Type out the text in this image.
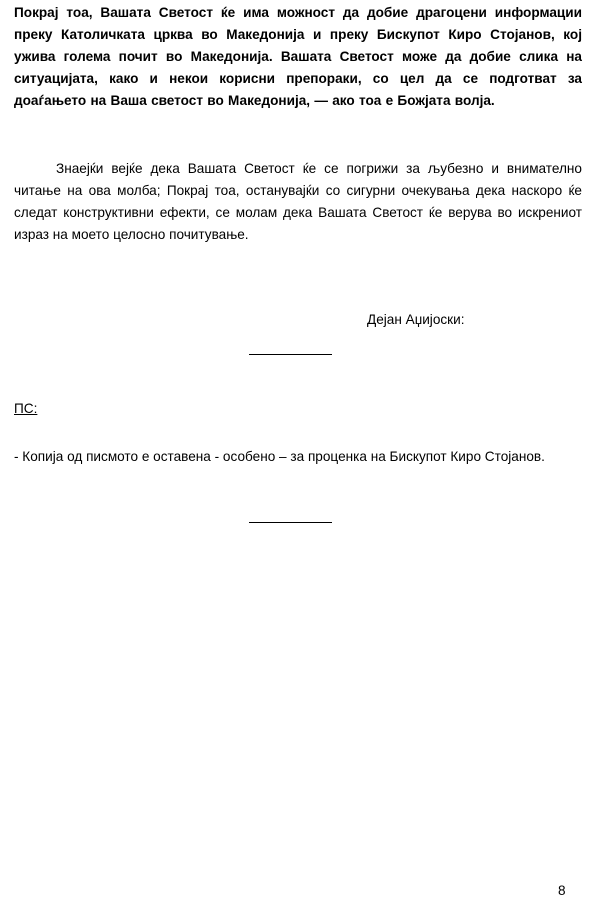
Покрај тоа, Вашата Светост ќе има можност да добие драгоцени информации преку Католичката црква во Македонија и преку Бискупот Киро Стојанов, кој ужива голема почит во Македонија. Вашата Светост може да добие слика на ситуацијата, како и некои корисни препораки, со цел да се подготват за доаѓањето на Ваша светост во Македонија, — ако тоа е Божјата волја.

Знаејќи вејќе дека Вашата Светост ќе се погрижи за љубезно и внимателно читање на ова молба; Покрај тоа, останувајќи со сигурни очекувања дека наскоро ќе следат конструктивни ефекти, се молам дека Вашата Светост ќе верува во искрениот израз на моето целосно почитување.

Дејан Аџијоски:

ПС:

- Копија од писмото е оставена - особено – за проценка на Бискупот Киро Стојанов.

8
